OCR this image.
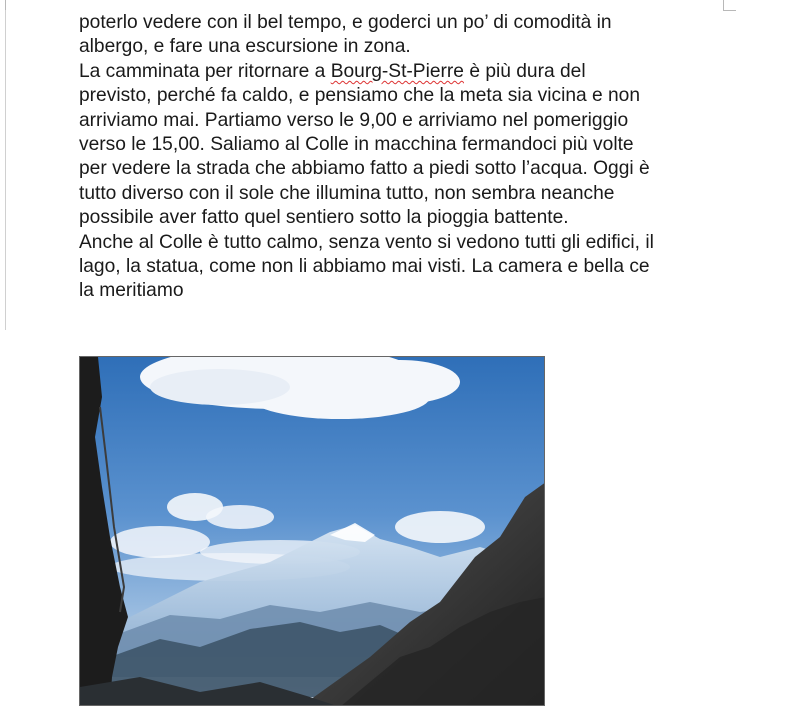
poterlo vedere con il bel tempo, e goderci un po’ di comodità in

albergo, e fare una escursione in zona.

La camminata per ritornare a Bourg-St-Pierre è più dura del

previsto, perché fa caldo, e pensiamo che la meta sia vicina e non

arriviamo mai. Partiamo verso le 9,00 e arriviamo nel pomeriggio

verso le 15,00. Saliamo al Colle in macchina fermandoci più volte

per vedere la strada che abbiamo fatto a piedi sotto l’acqua. Oggi è

tutto diverso con il sole che illumina tutto, non sembra neanche

possibile aver fatto quel sentiero sotto la pioggia battente.

Anche al Colle è tutto calmo, senza vento si vedono tutti gli edifici, il

lago, la statua, come non li abbiamo mai visti. La camera e bella ce

la meritiamo
